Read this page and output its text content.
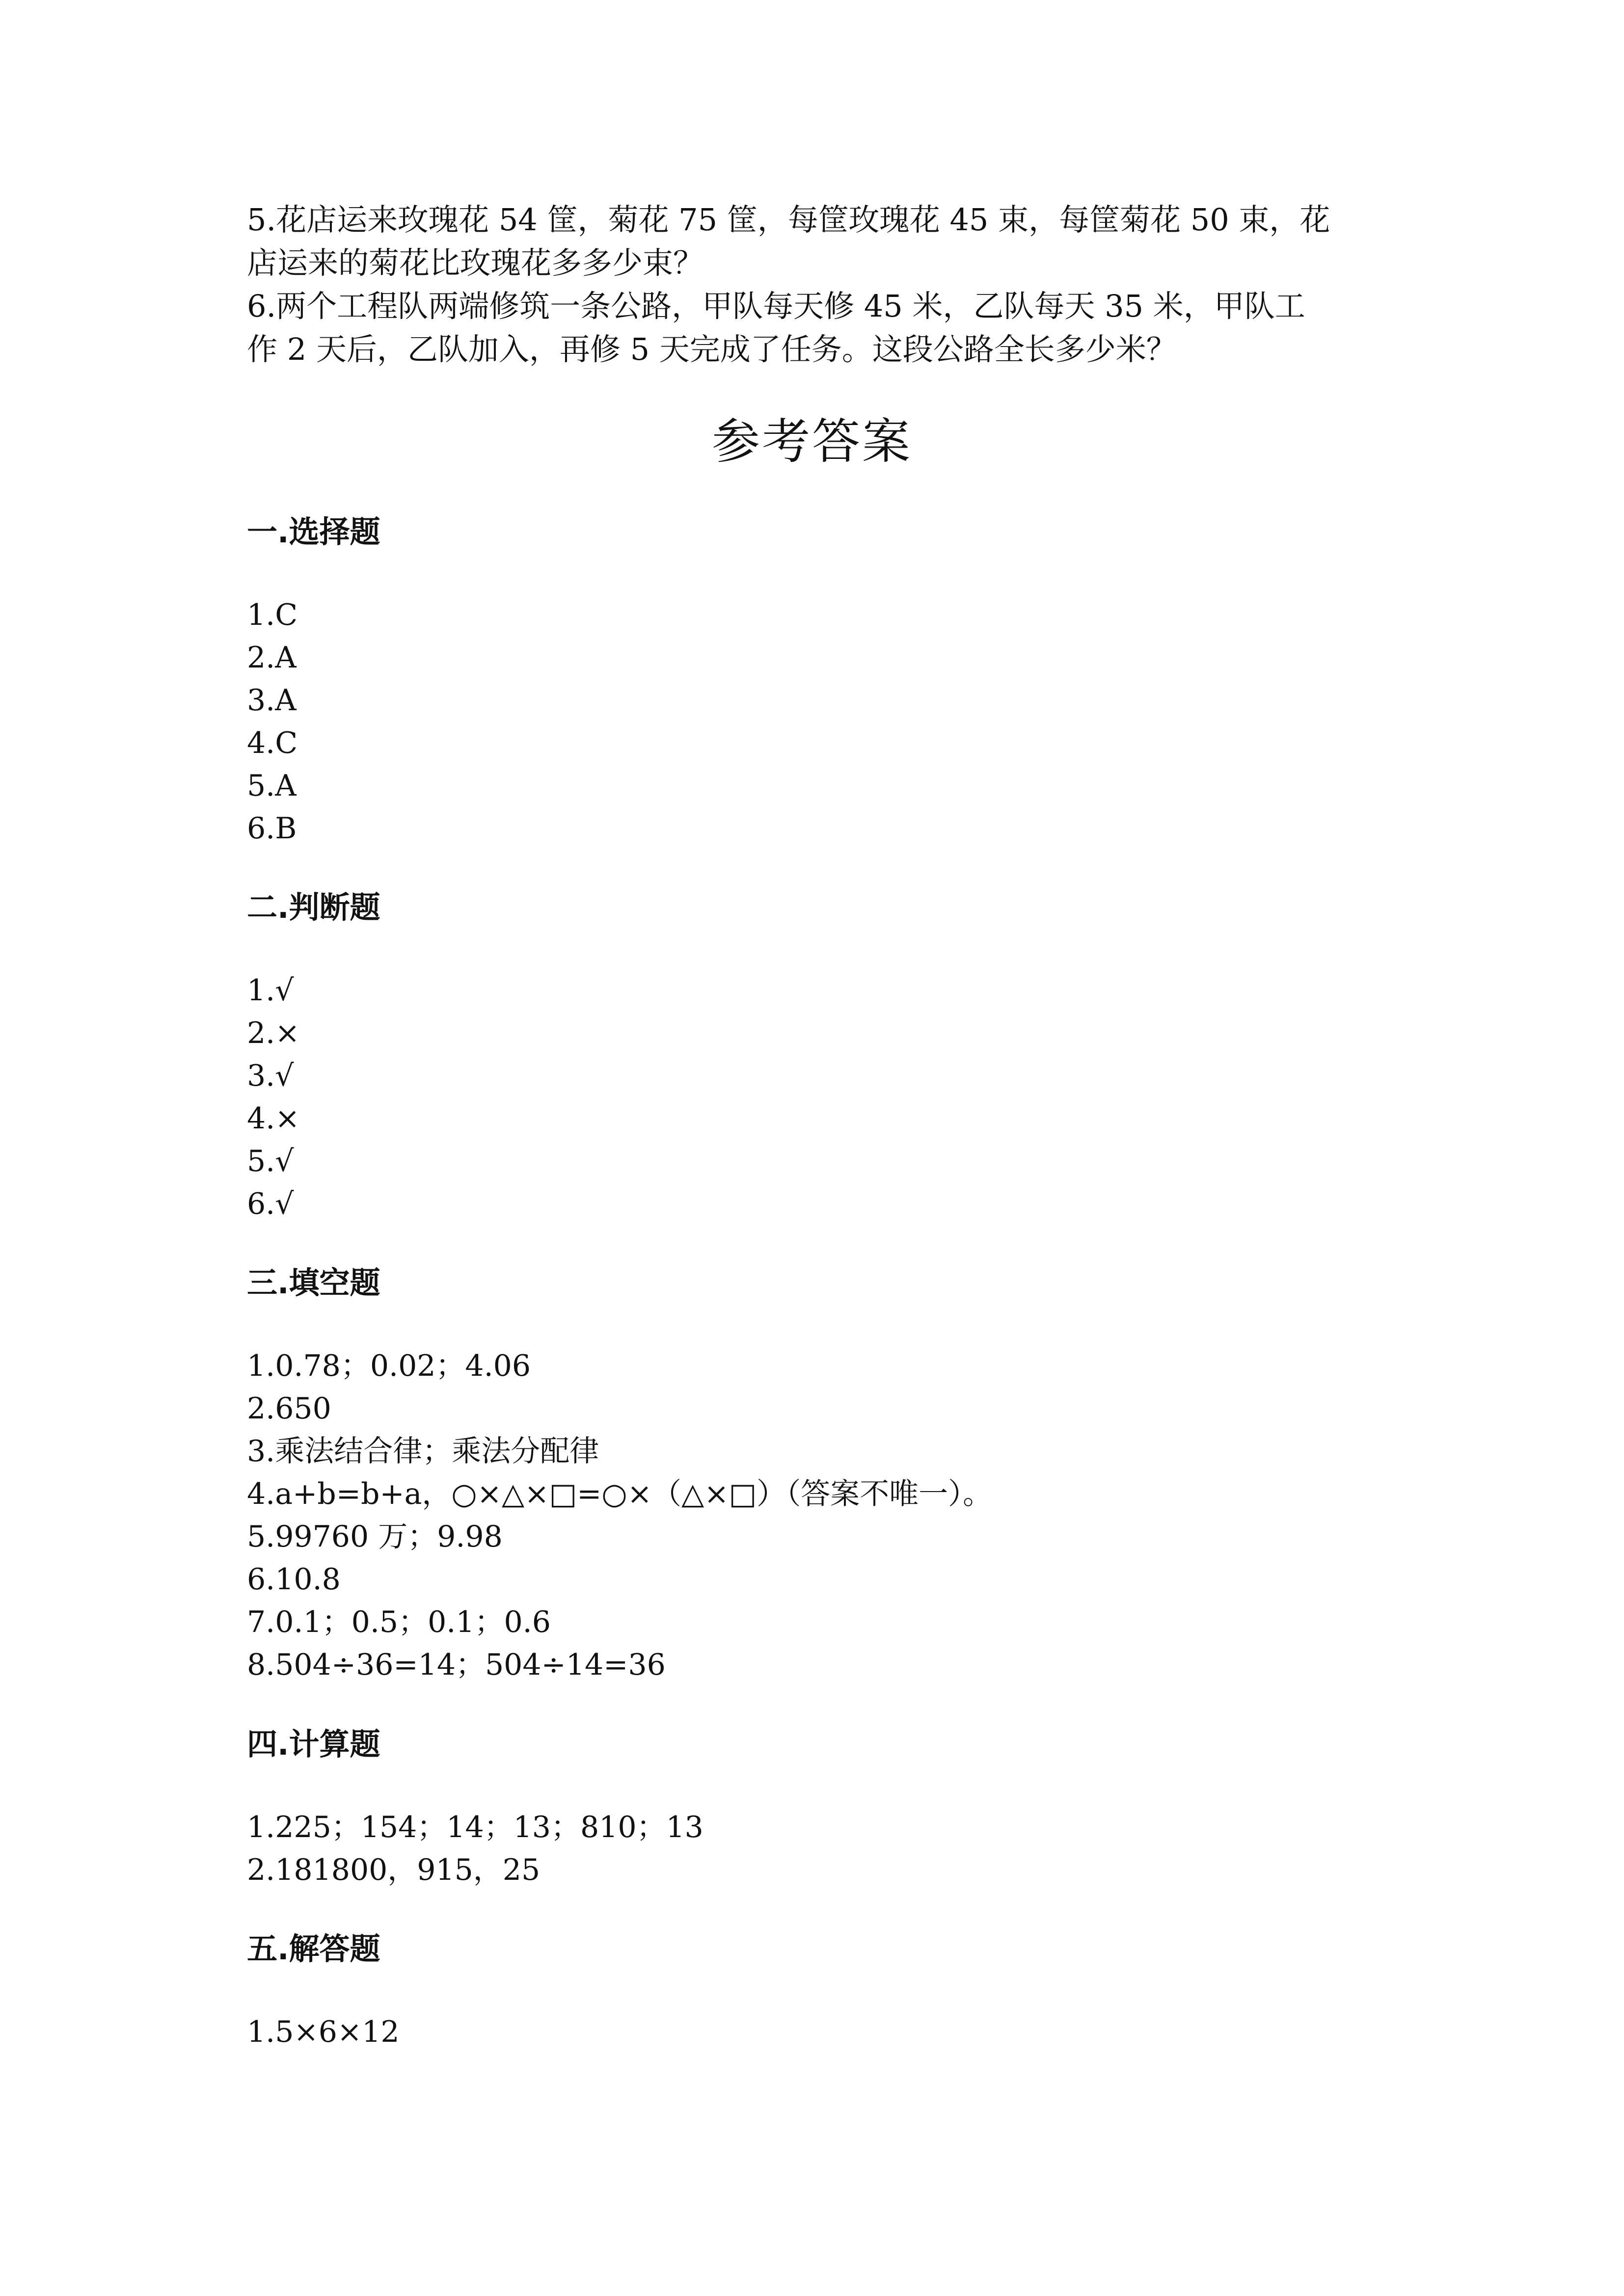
5.花店运来玫瑰花 54 筐，菊花 75 筐，每筐玫瑰花 45 束，每筐菊花 50 束，花
店运来的菊花比玫瑰花多多少束？
6.两个工程队两端修筑一条公路，甲队每天修 45 米，乙队每天 35 米，甲队工
作 2 天后，乙队加入，再修 5 天完成了任务。这段公路全长多少米？
参考答案
一.选择题
1.C
2.A
3.A
4.C
5.A
6.B
二.判断题
1.√
2.×
3.√
4.×
5.√
6.√
三.填空题
1.0.78；0.02；4.06
2.650
3.乘法结合律；乘法分配律
4.a+b=b+a，○×△×□=○×（△×□）（答案不唯一）。
5.99760 万；9.98
6.10.8
7.0.1；0.5；0.1；0.6
8.504÷36=14；504÷14=36
四.计算题
1.225；154；14；13；810；13
2.181800，915，25
五.解答题
1.5×6×12
